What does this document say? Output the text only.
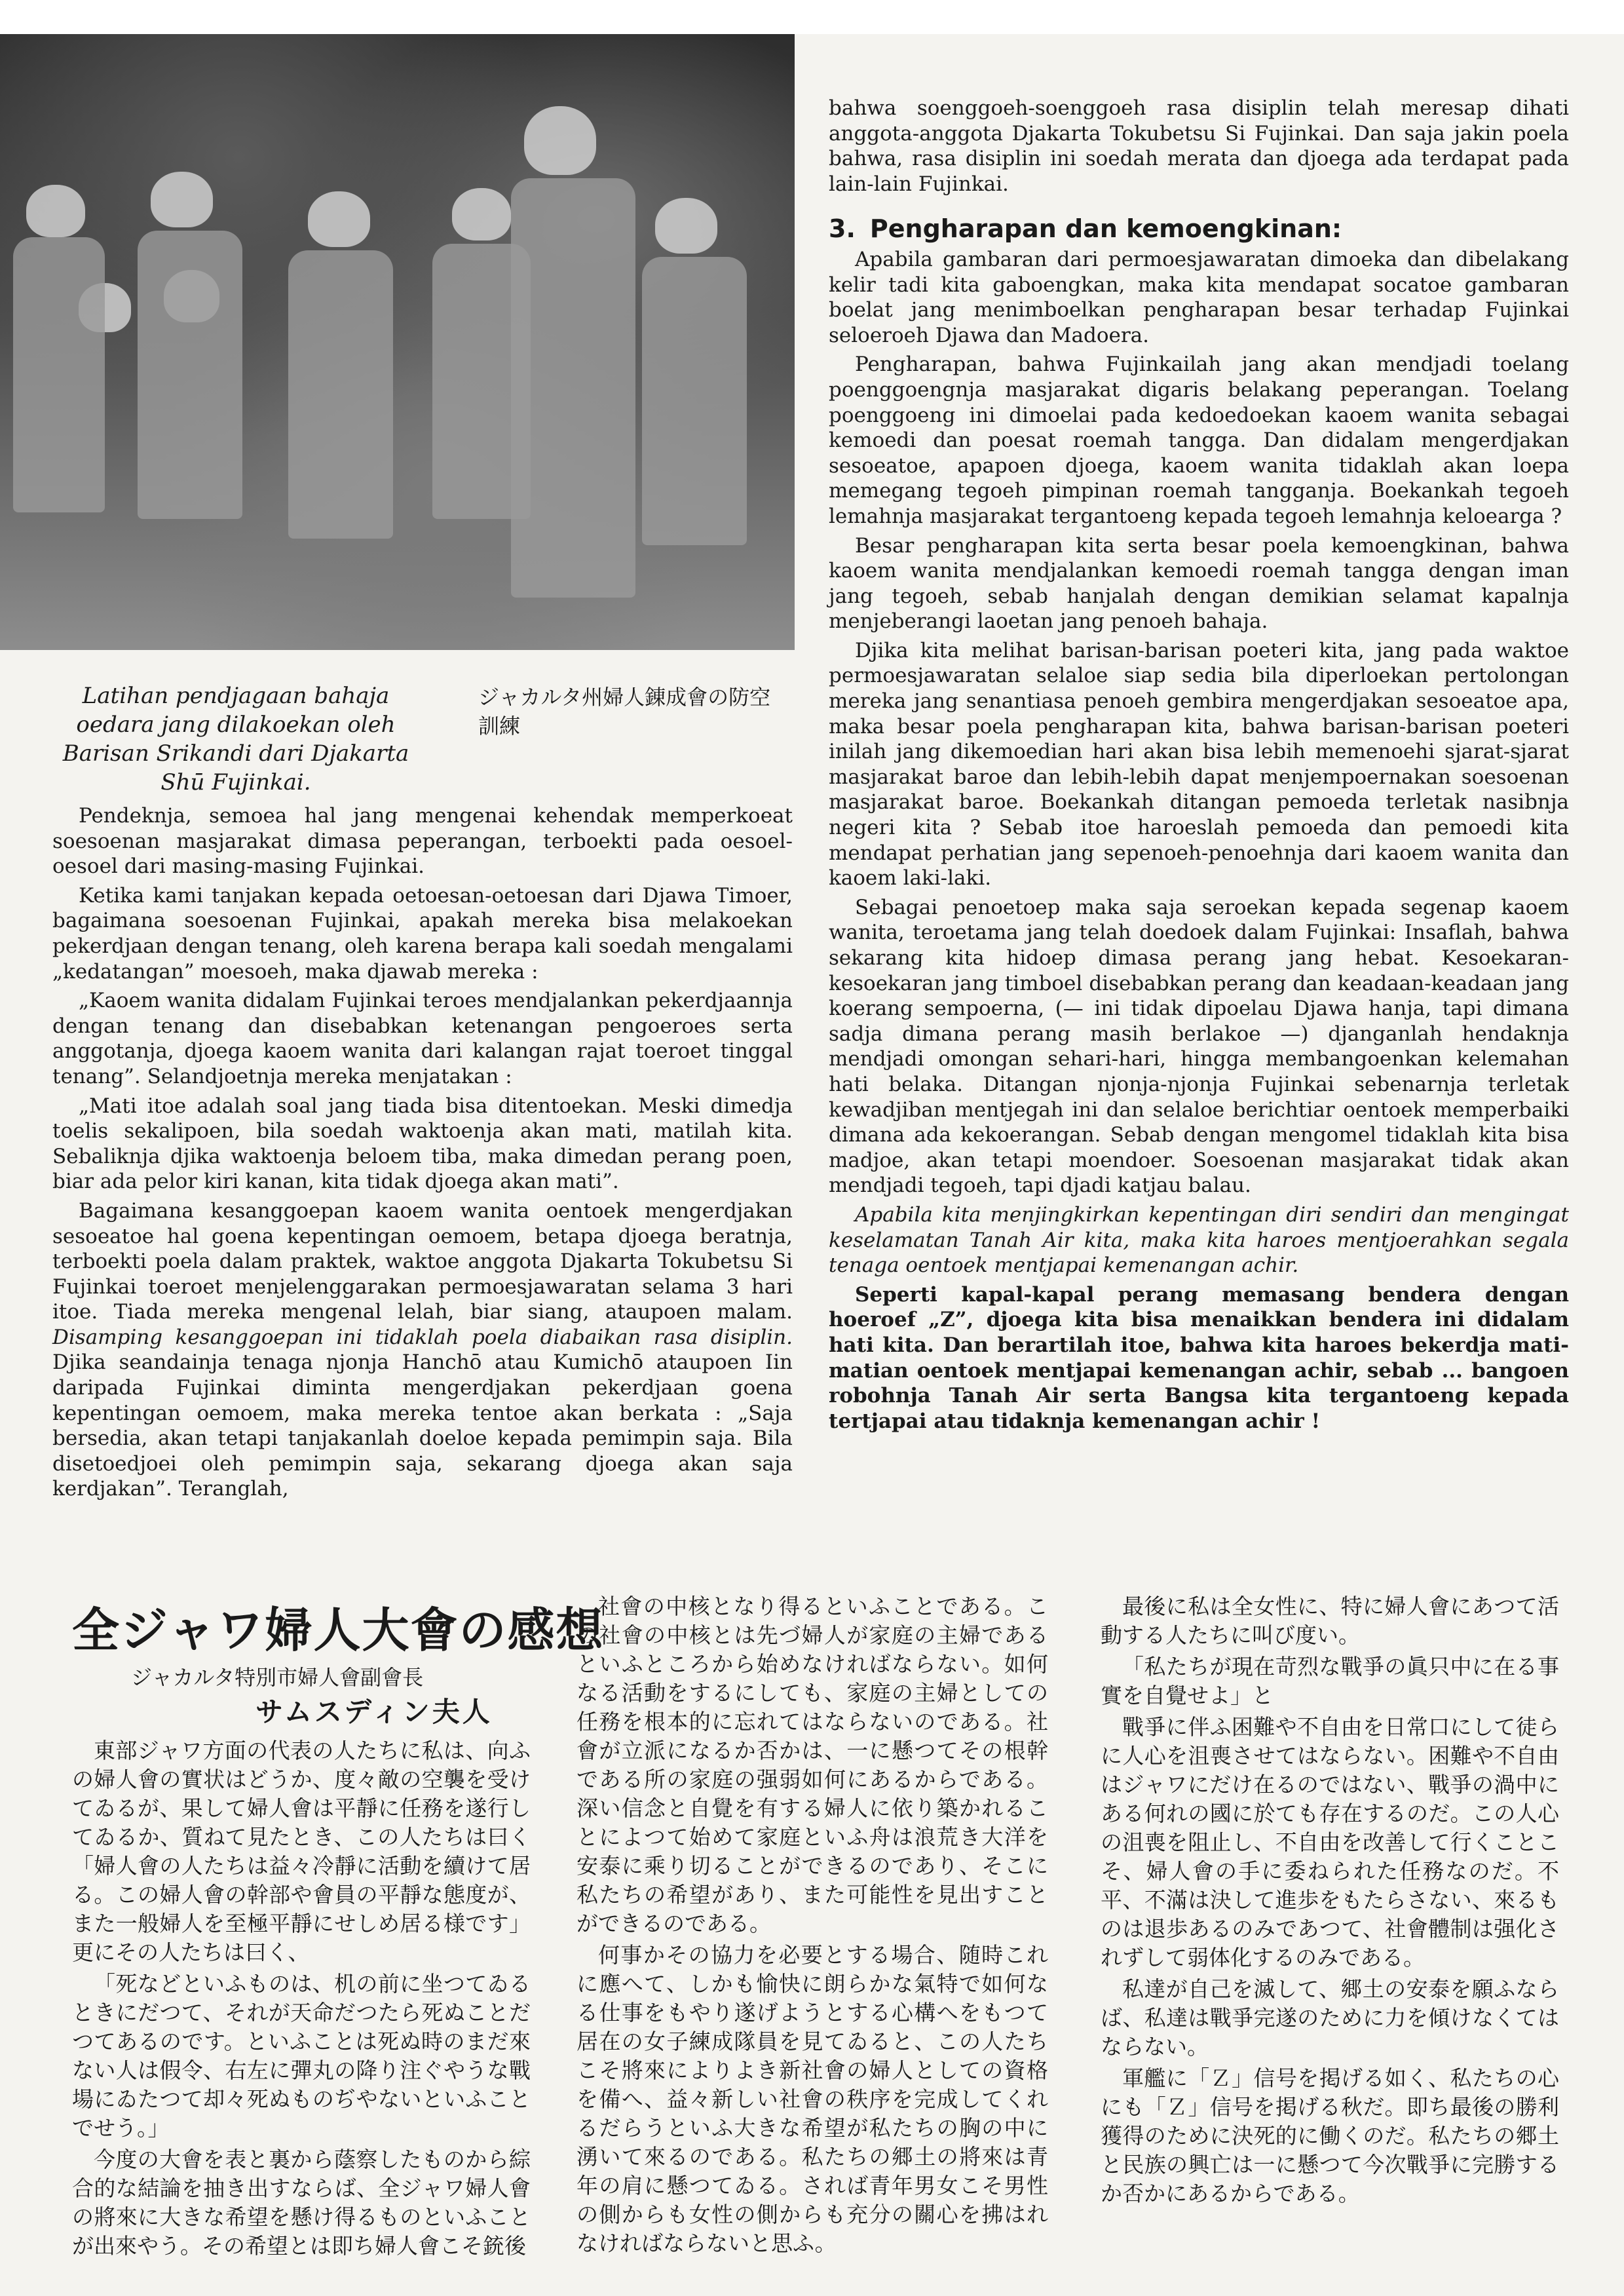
Latihan pendjagaan bahaja oedara jang dilakoekan oleh Barisan Srikandi dari Djakarta Shū Fujinkai.
ジャカルタ州婦人錬成會の防空訓練

bahwa soenggoeh-soenggoeh rasa disiplin telah meresap dihati anggota-anggota Djakarta Tokubetsu Si Fujinkai. Dan saja jakin poela bahwa, rasa disiplin ini soedah merata dan djoega ada terdapat pada lain-lain Fujinkai.

3. Pengharapan dan kemoengkinan:

Apabila gambaran dari permoesjawaratan dimoeka dan dibelakang kelir tadi kita gaboengkan, maka kita mendapat socatoe gambaran boelat jang menimboelkan pengharapan besar terhadap Fujinkai seloeroeh Djawa dan Madoera.

Pengharapan, bahwa Fujinkailah jang akan mendjadi toelang poenggoengnja masjarakat digaris belakang peperangan. Toelang poenggoeng ini dimoelai pada kedoedoekan kaoem wanita sebagai kemoedi dan poesat roemah tangga. Dan didalam mengerdjakan sesoeatoe, apapoen djoega, kaoem wanita tidaklah akan loepa memegang tegoeh pimpinan roemah tangganja. Boekankah tegoeh lemahnja masjarakat tergantoeng kepada tegoeh lemahnja keloearga ?

Besar pengharapan kita serta besar poela kemoengkinan, bahwa kaoem wanita mendjalankan kemoedi roemah tangga dengan iman jang tegoeh, sebab hanjalah dengan demikian selamat kapalnja menjeberangi laoetan jang penoeh bahaja.

Djika kita melihat barisan-barisan poeteri kita, jang pada waktoe permoesjawaratan selaloe siap sedia bila diperloekan pertolongan mereka jang senantiasa penoeh gembira mengerdjakan sesoeatoe apa, maka besar poela pengharapan kita, bahwa barisan-barisan poeteri inilah jang dikemoedian hari akan bisa lebih memenoehi sjarat-sjarat masjarakat baroe dan lebih-lebih dapat menjempoernakan soesoenan masjarakat baroe. Boekankah ditangan pemoeda terletak nasibnja negeri kita ? Sebab itoe haroeslah pemoeda dan pemoedi kita mendapat perhatian jang sepenoeh-penoehnja dari kaoem wanita dan kaoem laki-laki.

Sebagai penoetoep maka saja seroekan kepada segenap kaoem wanita, teroetama jang telah doedoek dalam Fujinkai: Insaflah, bahwa sekarang kita hidoep dimasa perang jang hebat. Kesoekaran-kesoekaran jang timboel disebabkan perang dan keadaan-keadaan jang koerang sempoerna, (— ini tidak dipoelau Djawa hanja, tapi dimana sadja dimana perang masih berlakoe —) djanganlah hendaknja mendjadi omongan sehari-hari, hingga membangoenkan kelemahan hati belaka. Ditangan njonja-njonja Fujinkai sebenarnja terletak kewadjiban mentjegah ini dan selaloe berichtiar oentoek memperbaiki dimana ada kekoerangan. Sebab dengan mengomel tidaklah kita bisa madjoe, akan tetapi moendoer. Soesoenan masjarakat tidak akan mendjadi tegoeh, tapi djadi katjau balau.

Apabila kita menjingkirkan kepentingan diri sendiri dan mengingat keselamatan Tanah Air kita, maka kita haroes mentjoerahkan segala tenaga oentoek mentjapai kemenangan achir.

Seperti kapal-kapal perang memasang bendera dengan hoeroef „Z”, djoega kita bisa menaikkan bendera ini didalam hati kita. Dan berartilah itoe, bahwa kita haroes bekerdja mati-matian oentoek mentjapai kemenangan achir, sebab ... bangoen robohnja Tanah Air serta Bangsa kita tergantoeng kepada tertjapai atau tidaknja kemenangan achir !

Pendeknja, semoea hal jang mengenai kehendak memperkoeat soesoenan masjarakat dimasa peperangan, terboekti pada oesoel-oesoel dari masing-masing Fujinkai.

Ketika kami tanjakan kepada oetoesan-oetoesan dari Djawa Timoer, bagaimana soesoenan Fujinkai, apakah mereka bisa melakoekan pekerdjaan dengan tenang, oleh karena berapa kali soedah mengalami „kedatangan” moesoeh, maka djawab mereka :

„Kaoem wanita didalam Fujinkai teroes mendjalankan pekerdjaannja dengan tenang dan disebabkan ketenangan pengoeroes serta anggotanja, djoega kaoem wanita dari kalangan rajat toeroet tinggal tenang”. Selandjoetnja mereka menjatakan :

„Mati itoe adalah soal jang tiada bisa ditentoekan. Meski dimedja toelis sekalipoen, bila soedah waktoenja akan mati, matilah kita. Sebaliknja djika waktoenja beloem tiba, maka dimedan perang poen, biar ada pelor kiri kanan, kita tidak djoega akan mati”.

Bagaimana kesanggoepan kaoem wanita oentoek mengerdjakan sesoeatoe hal goena kepentingan oemoem, betapa djoega beratnja, terboekti poela dalam praktek, waktoe anggota Djakarta Tokubetsu Si Fujinkai toeroet menjelenggarakan permoesjawaratan selama 3 hari itoe. Tiada mereka mengenal lelah, biar siang, ataupoen malam. Disamping kesanggoepan ini tidaklah poela diabaikan rasa disiplin. Djika seandainja tenaga njonja Hanchō atau Kumichō ataupoen Iin daripada Fujinkai diminta mengerdjakan pekerdjaan goena kepentingan oemoem, maka mereka tentoe akan berkata : „Saja bersedia, akan tetapi tanjakanlah doeloe kepada pemimpin saja. Bila disetoedjoei oleh pemimpin saja, sekarang djoega akan saja kerdjakan”. Teranglah,

全ジャワ婦人大會の感想
ジャカルタ特別市婦人會副會長
サムスディン夫人

東部ジャワ方面の代表の人たちに私は、向ふの婦人會の實状はどうか、度々敵の空襲を受けてゐるが、果して婦人會は平靜に任務を遂行してゐるか、質ねて見たとき、この人たちは曰く「婦人會の人たちは益々冷靜に活動を續けて居る。この婦人會の幹部や會員の平靜な態度が、また一般婦人を至極平靜にせしめ居る様です」更にその人たちは曰く、

「死などといふものは、机の前に坐つてゐるときにだつて、それが天命だつたら死ぬことだつてあるのです。といふことは死ぬ時のまだ來ない人は假令、右左に彈丸の降り注ぐやうな戰場にゐたつて却々死ぬものぢやないといふことでせう。」

今度の大會を表と裏から蔭察したものから綜合的な結論を抽き出すならば、全ジャワ婦人會の將來に大きな希望を懸け得るものといふことが出來やう。その希望とは即ち婦人會こそ銃後

社會の中核となり得るといふことである。この社會の中核とは先づ婦人が家庭の主婦であるといふところから始めなければならない。如何なる活動をするにしても、家庭の主婦としての任務を根本的に忘れてはならないのである。社會が立派になるか否かは、一に懸つてその根幹である所の家庭の强弱如何にあるからである。深い信念と自覺を有する婦人に依り築かれることによつて始めて家庭といふ舟は浪荒き大洋を安泰に乘り切ることができるのであり、そこに私たちの希望があり、また可能性を見出すことができるのである。

何事かその協力を必要とする場合、随時これに應へて、しかも愉快に朗らかな氣特で如何なる仕事をもやり遂げようとする心構へをもつて居在の女子練成隊員を見てゐると、この人たちこそ將來によりよき新社會の婦人としての資格を備へ、益々新しい社會の秩序を完成してくれるだらうといふ大きな希望が私たちの胸の中に湧いて來るのである。私たちの郷土の將來は青年の肩に懸つてゐる。されば青年男女こそ男性の側からも女性の側からも充分の關心を拂はれなければならないと思ふ。

最後に私は全女性に、特に婦人會にあつて活動する人たちに叫び度い。

「私たちが現在苛烈な戰爭の眞只中に在る事實を自覺せよ」と

戰爭に伴ふ困難や不自由を日常口にして徒らに人心を沮喪させてはならない。困難や不自由はジャワにだけ在るのではない、戰爭の渦中にある何れの國に於ても存在するのだ。この人心の沮喪を阻止し、不自由を改善して行くことこそ、婦人會の手に委ねられた任務なのだ。不平、不滿は決して進歩をもたらさない、來るものは退歩あるのみであつて、社會體制は强化されずして弱体化するのみである。

私達が自己を滅して、郷土の安泰を願ふならば、私達は戰爭完遂のために力を傾けなくてはならない。

軍艦に「Ｚ」信号を掲げる如く、私たちの心にも「Ｚ」信号を掲げる秋だ。即ち最後の勝利獲得のために決死的に働くのだ。私たちの郷土と民族の興亡は一に懸つて今次戰爭に完勝するか否かにあるからである。
